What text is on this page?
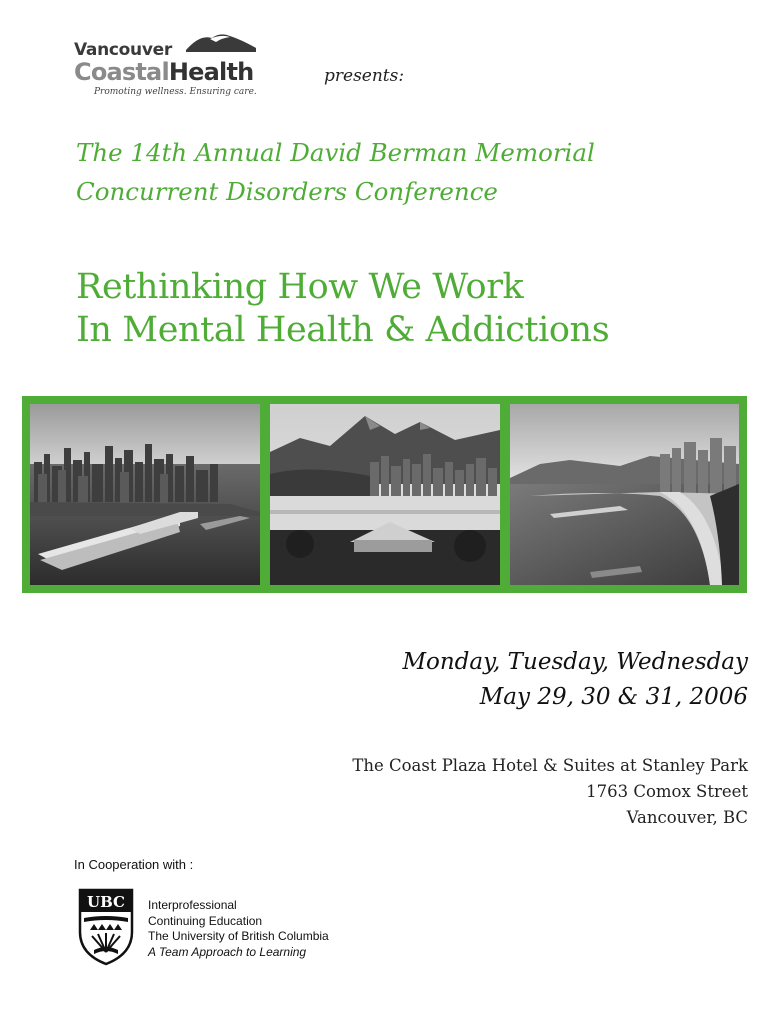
Vancouver
CoastalHealth
Promoting wellness. Ensuring care.
presents:
The 14th Annual David Berman Memorial
Concurrent Disorders Conference
Rethinking How We Work
In Mental Health & Addictions
Monday, Tuesday, Wednesday
May 29, 30 & 31, 2006
The Coast Plaza Hotel & Suites at Stanley Park
1763 Comox Street
Vancouver, BC
In Cooperation with :
UBC Interprofessional
Continuing Education
The University of British Columbia
A Team Approach to Learning
